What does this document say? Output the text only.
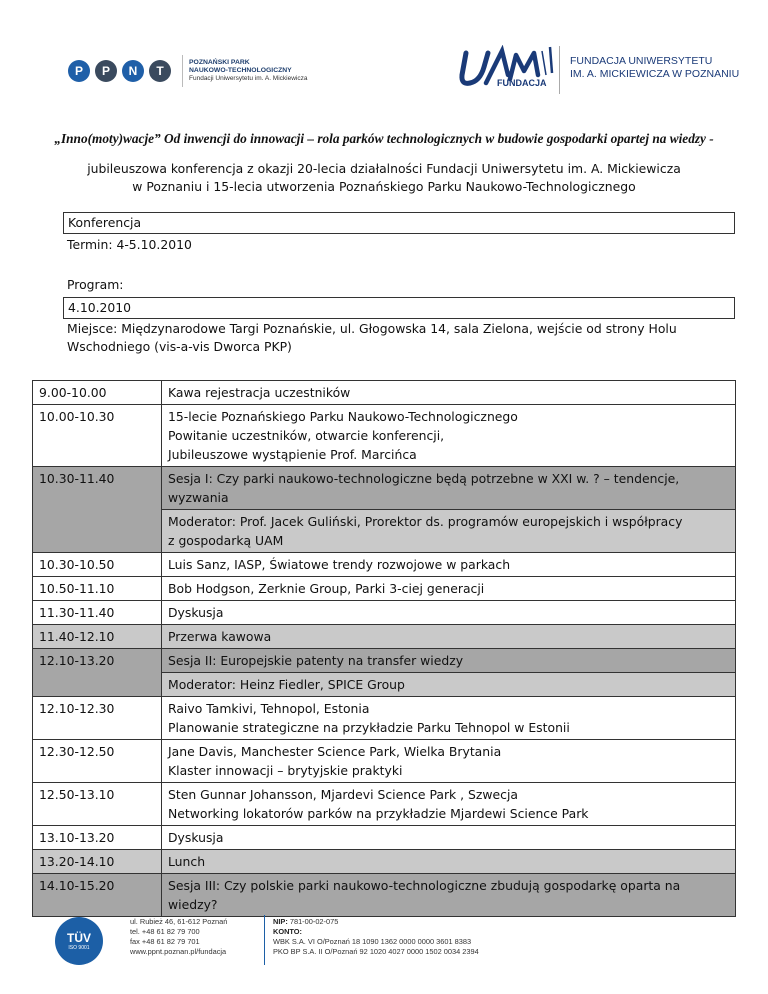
P	P	N	T
POZNAŃSKI PARK
NAUKOWO-TECHNOLOGICZNY
Fundacji Uniwersytetu im. A. Mickiewicza	FUNDACJA
FUNDACJA UNIWERSYTETU
IM. A. MICKIEWICZA W POZNANIU
„Inno(moty)wacje” Od inwencji do innowacji – rola parków technologicznych w budowie gospodarki opartej na wiedzy -
jubileuszowa konferencja z okazji 20-lecia działalności Fundacji Uniwersytetu im. A. Mickiewicza
w Poznaniu i 15-lecia utworzenia Poznańskiego Parku Naukowo-Technologicznego
Konferencja
Termin: 4-5.10.2010
Program:
4.10.2010
Miejsce: Międzynarodowe Targi Poznańskie, ul. Głogowska 14, sala Zielona, wejście od strony Holu
Wschodniego (vis-a-vis Dworca PKP)
9.00-10.00	Kawa rejestracja uczestników

10.00-10.30	15-lecie Poznańskiego Parku Naukowo-Technologicznego
Powitanie uczestników, otwarcie konferencji,
Jubileuszowe wystąpienie Prof. Marcińca

10.30-11.40	Sesja I: Czy parki naukowo-technologiczne będą potrzebne w XXI w. ? – tendencje,
wyzwania

	Moderator: Prof. Jacek Guliński, Prorektor ds. programów europejskich i współpracy
z gospodarką UAM

10.30-10.50	Luis Sanz, IASP, Światowe trendy rozwojowe w parkach

10.50-11.10	Bob Hodgson, Zerknie Group, Parki 3-ciej generacji

11.30-11.40	Dyskusja

11.40-12.10	Przerwa kawowa

12.10-13.20	Sesja II: Europejskie patenty na transfer wiedzy

	Moderator: Heinz Fiedler, SPICE Group

12.10-12.30	Raivo Tamkivi, Tehnopol, Estonia
Planowanie strategiczne na przykładzie Parku Tehnopol w Estonii

12.30-12.50	Jane Davis, Manchester Science Park, Wielka Brytania
Klaster innowacji – brytyjskie praktyki

12.50-13.10	Sten Gunnar Johansson, Mjardevi Science Park , Szwecja
Networking lokatorów parków na przykładzie Mjardewi Science Park

13.10-13.20	Dyskusja

13.20-14.10	Lunch

14.10-15.20	Sesja III: Czy polskie parki naukowo-technologiczne zbudują gospodarkę oparta na
wiedzy?
TÜV
ISO 9001
ul. Rubież 46, 61-612 Poznań
tel. +48 61 82 79 700
fax +48 61 82 79 701
www.ppnt.poznan.pl/fundacja
NIP: 781-00-02-075
KONTO:
WBK S.A. VI O/Poznań 18 1090 1362 0000 0000 3601 8383
PKO BP S.A. II O/Poznań 92 1020 4027 0000 1502 0034 2394
